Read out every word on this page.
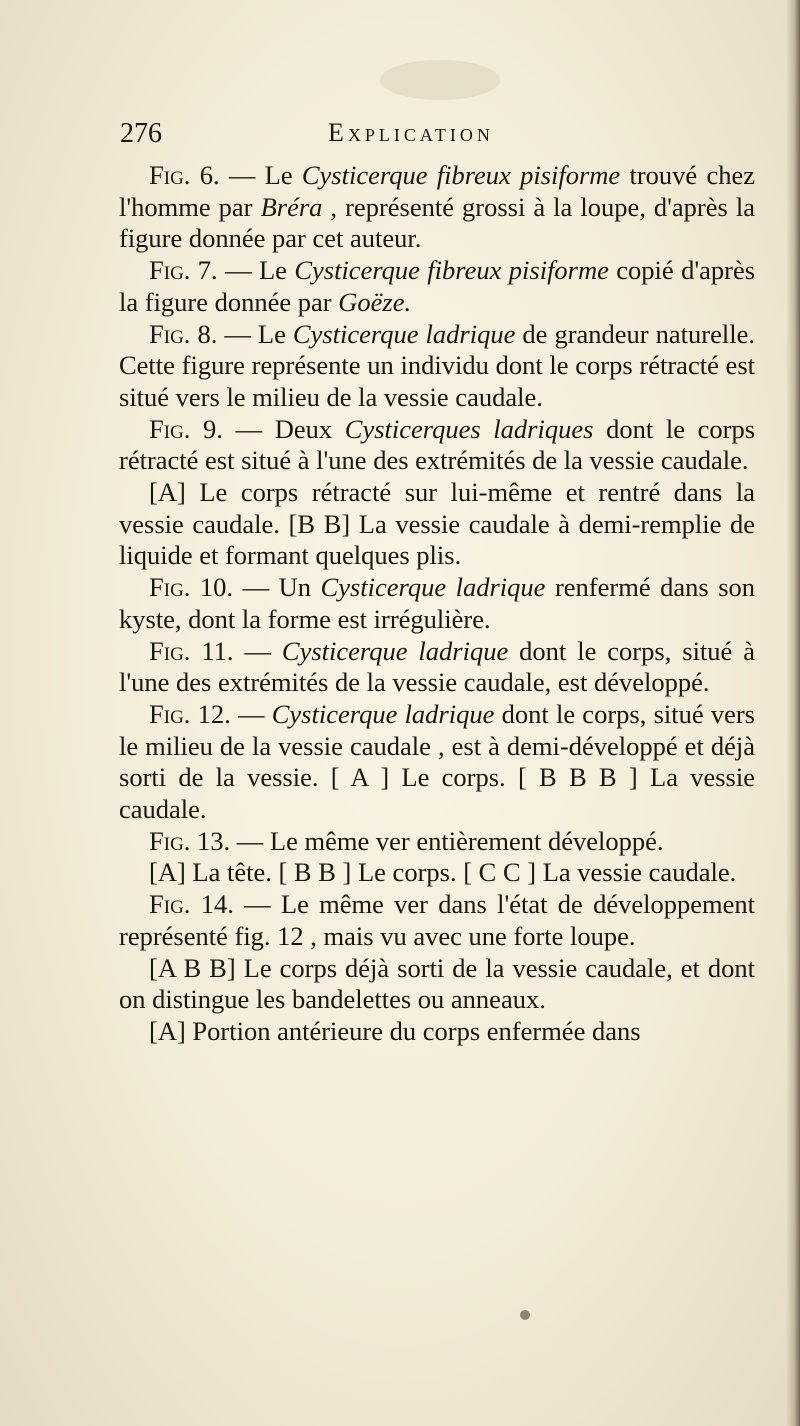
276	Explication

Fig. 6. — Le Cysticerque fibreux pisiforme trouvé chez l'homme par Bréra , représenté grossi à la loupe, d'après la figure donnée par cet auteur.

Fig. 7. — Le Cysticerque fibreux pisiforme copié d'après la figure donnée par Goëze.

Fig. 8. — Le Cysticerque ladrique de grandeur naturelle. Cette figure représente un individu dont le corps rétracté est situé vers le milieu de la vessie caudale.

Fig. 9. — Deux Cysticerques ladriques dont le corps rétracté est situé à l'une des extrémités de la vessie caudale.

[A] Le corps rétracté sur lui-même et rentré dans la vessie caudale. [B B] La vessie caudale à demi-remplie de liquide et formant quelques plis.

Fig. 10. — Un Cysticerque ladrique renfermé dans son kyste, dont la forme est irrégulière.

Fig. 11. — Cysticerque ladrique dont le corps, situé à l'une des extrémités de la vessie caudale, est développé.

Fig. 12. — Cysticerque ladrique dont le corps, situé vers le milieu de la vessie caudale , est à demi-développé et déjà sorti de la vessie. [ A ] Le corps. [ B B B ] La vessie caudale.

Fig. 13. — Le même ver entièrement développé.

[A] La tête. [ B B ] Le corps. [ C C ] La vessie caudale.

Fig. 14. — Le même ver dans l'état de développement représenté fig. 12 , mais vu avec une forte loupe.

[A B B] Le corps déjà sorti de la vessie caudale, et dont on distingue les bandelettes ou anneaux.

[A] Portion antérieure du corps enfermée dans
